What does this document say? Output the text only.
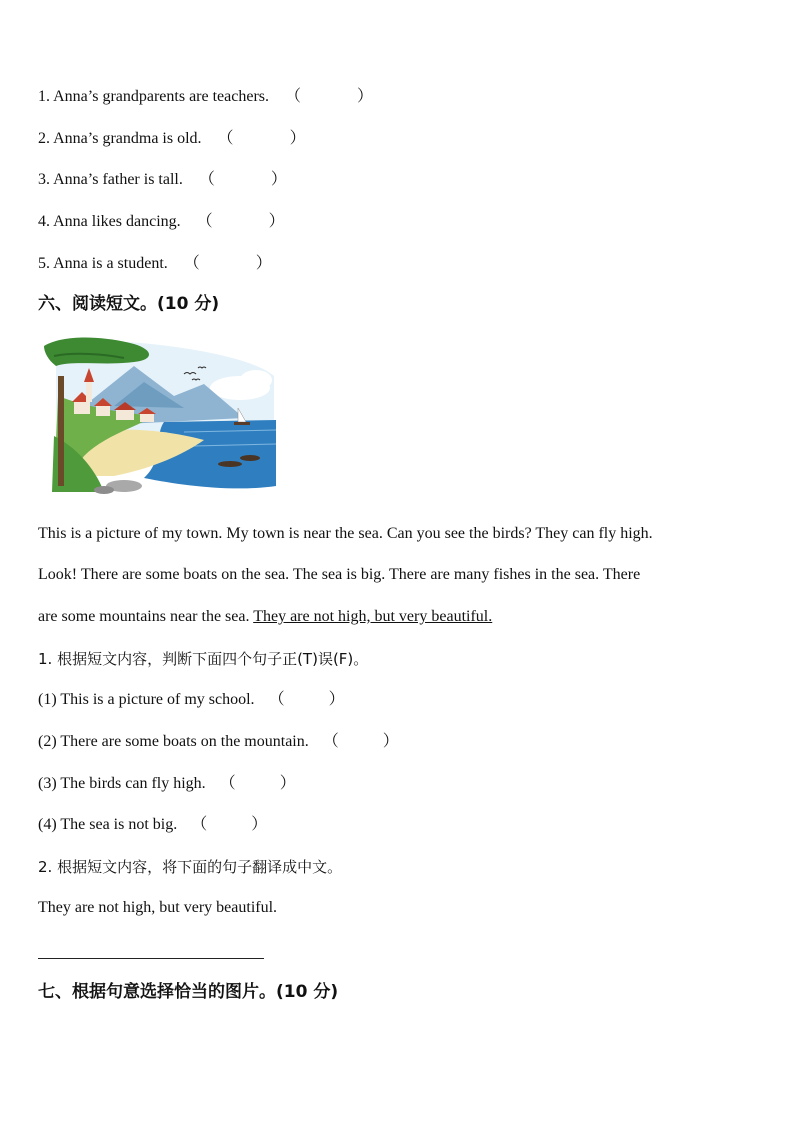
1. Anna’s grandparents are teachers. （	）
2. Anna’s grandma is old. （	）
3. Anna’s father is tall. （	）
4. Anna likes dancing. （	）
5. Anna is a student. （	）
六、阅读短文。(10 分)
This is a picture of my town. My town is near the sea. Can you see the birds? They can fly high.
Look! There are some boats on the sea. The sea is big. There are many fishes in the sea. There
are some mountains near the sea. They are not high, but very beautiful.
1. 根据短文内容，判断下面四个句子正(T)误(F)。
(1) This is a picture of my school. （	）
(2) There are some boats on the mountain. （	）
(3) The birds can fly high. （	）
(4) The sea is not big. （	）
2. 根据短文内容，将下面的句子翻译成中文。
They are not high, but very beautiful.
七、根据句意选择恰当的图片。(10 分)
